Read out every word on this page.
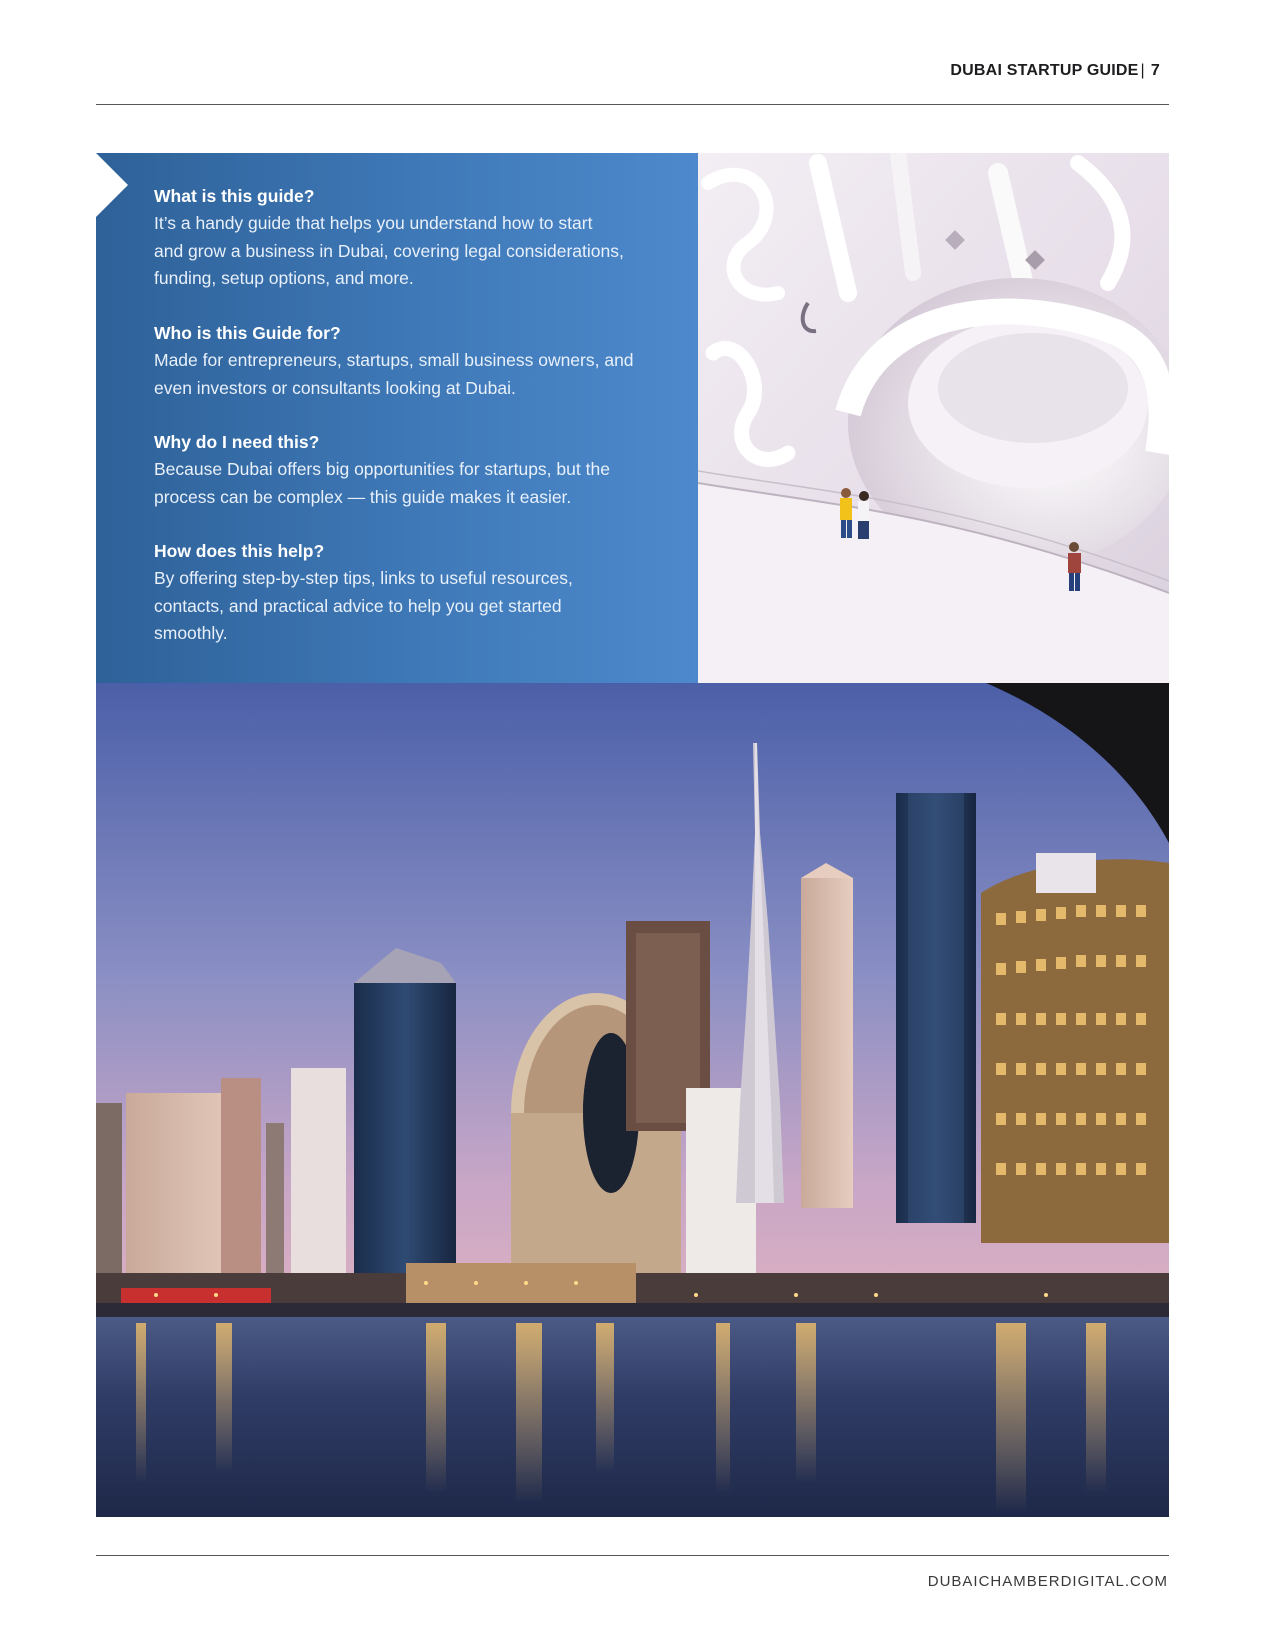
DUBAI STARTUP GUIDE | 7
What is this guide?
It’s a handy guide that helps you understand how to start
and grow a business in Dubai, covering legal considerations,
funding, setup options, and more.
Who is this Guide for?
Made for entrepreneurs, startups, small business owners, and
even investors or consultants looking at Dubai.
Why do I need this?
Because Dubai offers big opportunities for startups, but the
process can be complex — this guide makes it easier.
How does this help?
By offering step-by-step tips, links to useful resources,
contacts, and practical advice to help you get started
smoothly.
DUBAICHAMBERDIGITAL.COM
